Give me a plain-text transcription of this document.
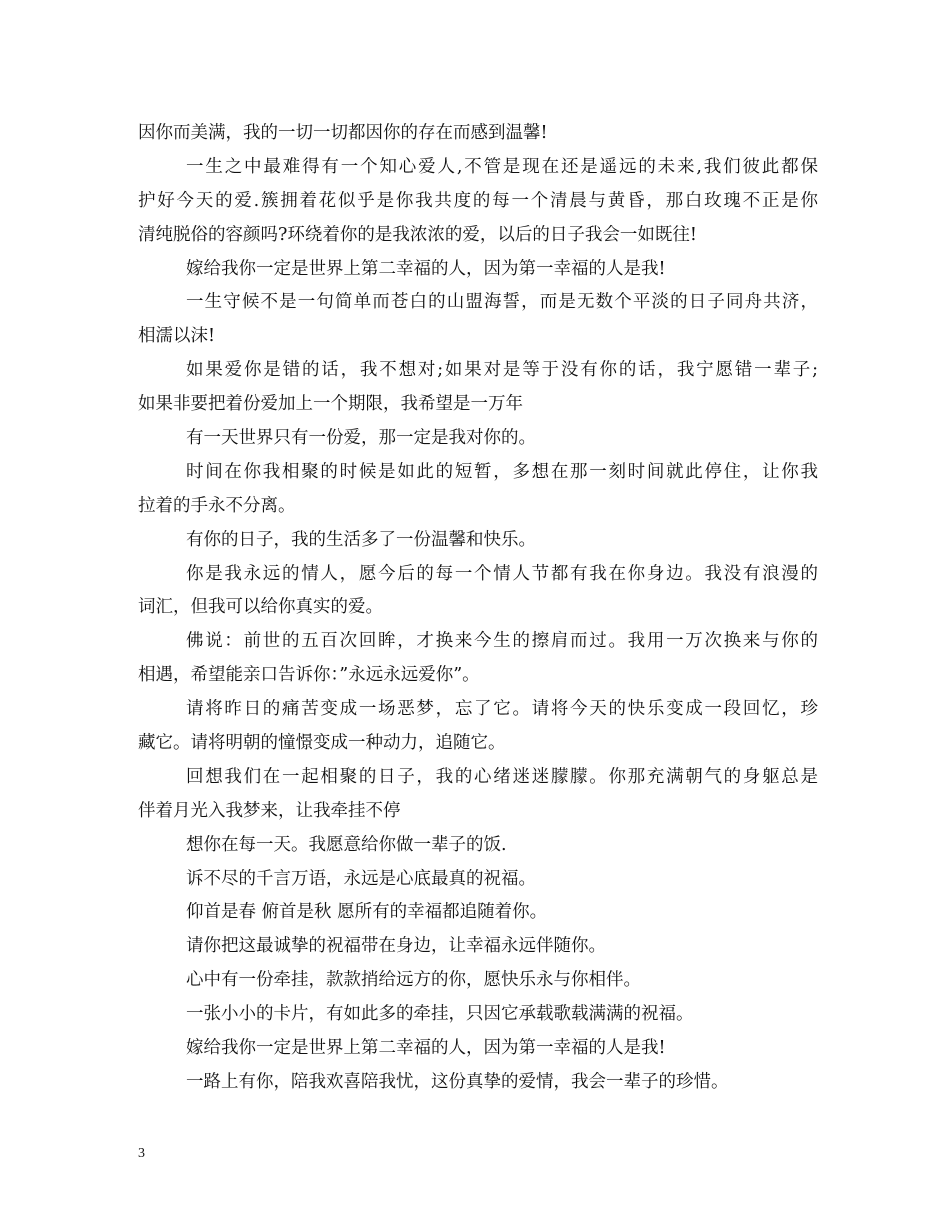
因你而美满，我的一切一切都因你的存在而感到温馨!
一生之中最难得有一个知心爱人,不管是现在还是遥远的未来,我们彼此都保
护好今天的爱.簇拥着花似乎是你我共度的每一个清晨与黄昏，那白玫瑰不正是你
清纯脱俗的容颜吗?环绕着你的是我浓浓的爱，以后的日子我会一如既往!
嫁给我你一定是世界上第二幸福的人，因为第一幸福的人是我!
一生守候不是一句简单而苍白的山盟海誓，而是无数个平淡的日子同舟共济，
相濡以沫!
如果爱你是错的话，我不想对;如果对是等于没有你的话，我宁愿错一辈子;
如果非要把着份爱加上一个期限，我希望是一万年
有一天世界只有一份爱，那一定是我对你的。
时间在你我相聚的时候是如此的短暂，多想在那一刻时间就此停住，让你我
拉着的手永不分离。
有你的日子，我的生活多了一份温馨和快乐。
你是我永远的情人，愿今后的每一个情人节都有我在你身边。我没有浪漫的
词汇，但我可以给你真实的爱。
佛说：前世的五百次回眸，才换来今生的擦肩而过。我用一万次换来与你的
相遇，希望能亲口告诉你：”永远永远爱你”。
请将昨日的痛苦变成一场恶梦，忘了它。请将今天的快乐变成一段回忆，珍
藏它。请将明朝的憧憬变成一种动力，追随它。
回想我们在一起相聚的日子，我的心绪迷迷朦朦。你那充满朝气的身躯总是
伴着月光入我梦来，让我牵挂不停
想你在每一天。我愿意给你做一辈子的饭.
诉不尽的千言万语，永远是心底最真的祝福。
仰首是春 俯首是秋 愿所有的幸福都追随着你。
请你把这最诚挚的祝福带在身边，让幸福永远伴随你。
心中有一份牵挂，款款捎给远方的你，愿快乐永与你相伴。
一张小小的卡片，有如此多的牵挂，只因它承载歌载满满的祝福。
嫁给我你一定是世界上第二幸福的人，因为第一幸福的人是我!
一路上有你，陪我欢喜陪我忧，这份真挚的爱情，我会一辈子的珍惜。
3
